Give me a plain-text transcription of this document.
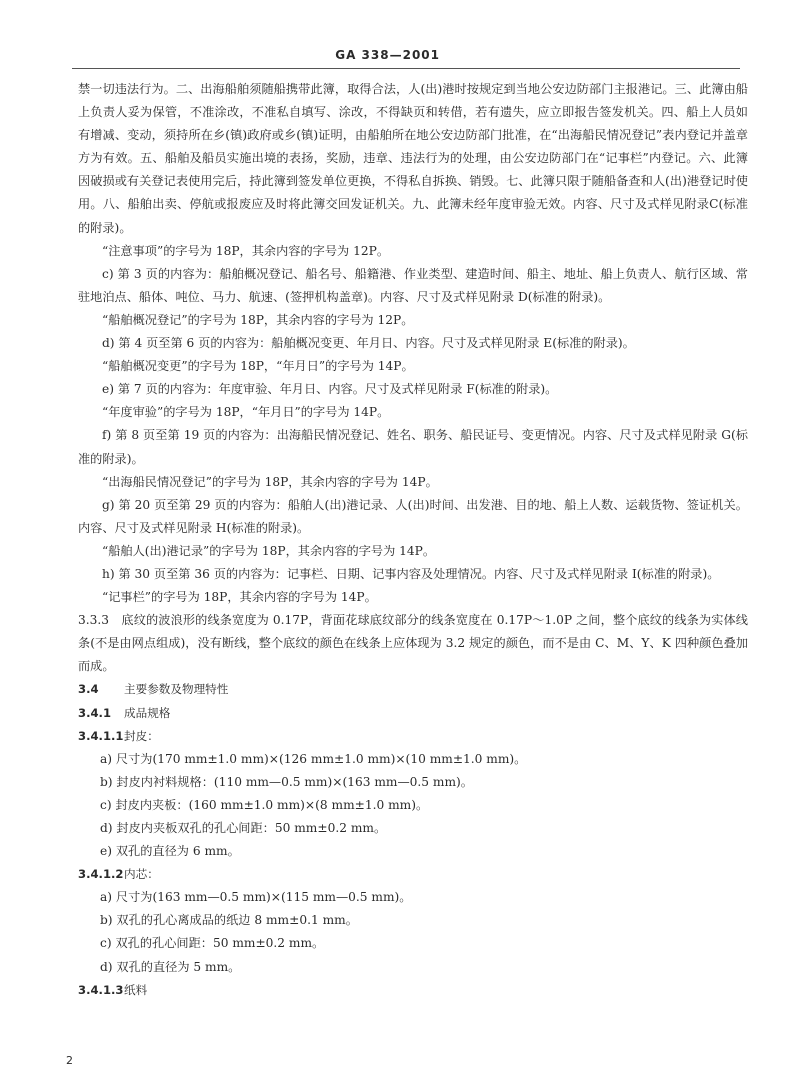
GA 338—2001

禁一切违法行为。二、出海船舶须随船携带此簿，取得合法，人(出)港时按规定到当地公安边防部门主报港记。三、此簿由船上负责人妥为保管，不准涂改，不准私自填写、涂改，不得缺页和转借，若有遗失，应立即报告签发机关。四、船上人员如有增减、变动，须持所在乡(镇)政府或乡(镇)证明，由船舶所在地公安边防部门批准，在“出海船民情况登记”表内登记并盖章方为有效。五、船舶及船员实施出境的表扬，奖励，违章、违法行为的处理，由公安边防部门在“记事栏”内登记。六、此簿因破损或有关登记表使用完后，持此簿到签发单位更换，不得私自拆换、销毁。七、此簿只限于随船备查和人(出)港登记时使用。八、船舶出卖、停航或报废应及时将此簿交回发证机关。九、此簿未经年度审验无效。内容、尺寸及式样见附录C(标准的附录)。

“注意事项”的字号为 18P，其余内容的字号为 12P。

c) 第 3 页的内容为：船舶概况登记、船名号、船籍港、作业类型、建造时间、船主、地址、船上负责人、航行区域、常驻地泊点、船体、吨位、马力、航速、(签押机构盖章)。内容、尺寸及式样见附录 D(标准的附录)。

“船舶概况登记”的字号为 18P，其余内容的字号为 12P。

d) 第 4 页至第 6 页的内容为：船舶概况变更、年月日、内容。尺寸及式样见附录 E(标准的附录)。

“船舶概况变更”的字号为 18P，“年月日”的字号为 14P。

e) 第 7 页的内容为：年度审验、年月日、内容。尺寸及式样见附录 F(标准的附录)。

“年度审验”的字号为 18P，“年月日”的字号为 14P。

f) 第 8 页至第 19 页的内容为：出海船民情况登记、姓名、职务、船民证号、变更情况。内容、尺寸及式样见附录 G(标准的附录)。

“出海船民情况登记”的字号为 18P，其余内容的字号为 14P。

g) 第 20 页至第 29 页的内容为：船舶人(出)港记录、人(出)时间、出发港、目的地、船上人数、运载货物、签证机关。内容、尺寸及式样见附录 H(标准的附录)。

“船舶人(出)港记录”的字号为 18P，其余内容的字号为 14P。

h) 第 30 页至第 36 页的内容为：记事栏、日期、记事内容及处理情况。内容、尺寸及式样见附录 I(标准的附录)。

“记事栏”的字号为 18P，其余内容的字号为 14P。

3.3.3　底纹的波浪形的线条宽度为 0.17P，背面花球底纹部分的线条宽度在 0.17P～1.0P 之间，整个底纹的线条为实体线条(不是由网点组成)，没有断线，整个底纹的颜色在线条上应体现为 3.2 规定的颜色，而不是由 C、M、Y、K 四种颜色叠加而成。

3.4 主要参数及物理特性
3.4.1 成品规格
3.4.1.1封皮：

a) 尺寸为(170 mm±1.0 mm)×(126 mm±1.0 mm)×(10 mm±1.0 mm)。

b) 封皮内衬料规格：(110 mm—0.5 mm)×(163 mm—0.5 mm)。

c) 封皮内夹板：(160 mm±1.0 mm)×(8 mm±1.0 mm)。

d) 封皮内夹板双孔的孔心间距：50 mm±0.2 mm。

e) 双孔的直径为 6 mm。

3.4.1.2内芯：

a) 尺寸为(163 mm—0.5 mm)×(115 mm—0.5 mm)。

b) 双孔的孔心离成品的纸边 8 mm±0.1 mm。

c) 双孔的孔心间距：50 mm±0.2 mm。

d) 双孔的直径为 5 mm。

3.4.1.3纸料
2
